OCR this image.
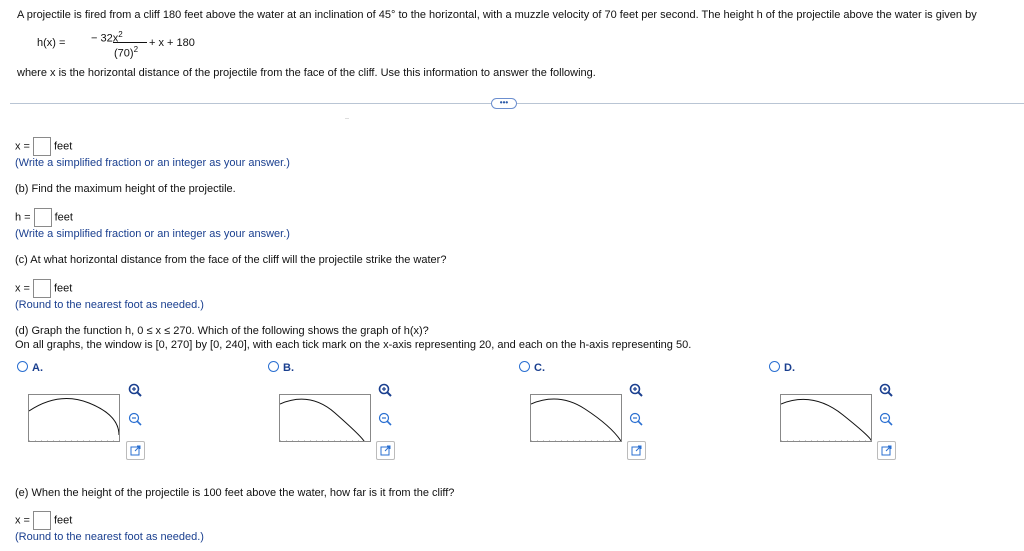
A projectile is fired from a cliff 180 feet above the water at an inclination of 45° to the horizontal, with a muzzle velocity of 70 feet per second. The height h of the projectile above the water is given by
h(x) = − $32x^2$
$(70)^2$
+ x + 180
where x is the horizontal distance of the projectile from the face of the cliff. Use this information to answer the following.
•••
x = feet
(Write a simplified fraction or an integer as your answer.)
(b) Find the maximum height of the projectile.
h = feet
(Write a simplified fraction or an integer as your answer.)
(c) At what horizontal distance from the face of the cliff will the projectile strike the water?
x = feet
(Round to the nearest foot as needed.)
(d) Graph the function h, 0 ≤ x ≤ 270. Which of the following shows the graph of h(x)?
On all graphs, the window is [0, 270] by [0, 240], with each tick mark on the x-axis representing 20, and each on the h-axis representing 50.
A.	B.	C.	D.
(e) When the height of the projectile is 100 feet above the water, how far is it from the cliff?
x = feet
(Round to the nearest foot as needed.)
